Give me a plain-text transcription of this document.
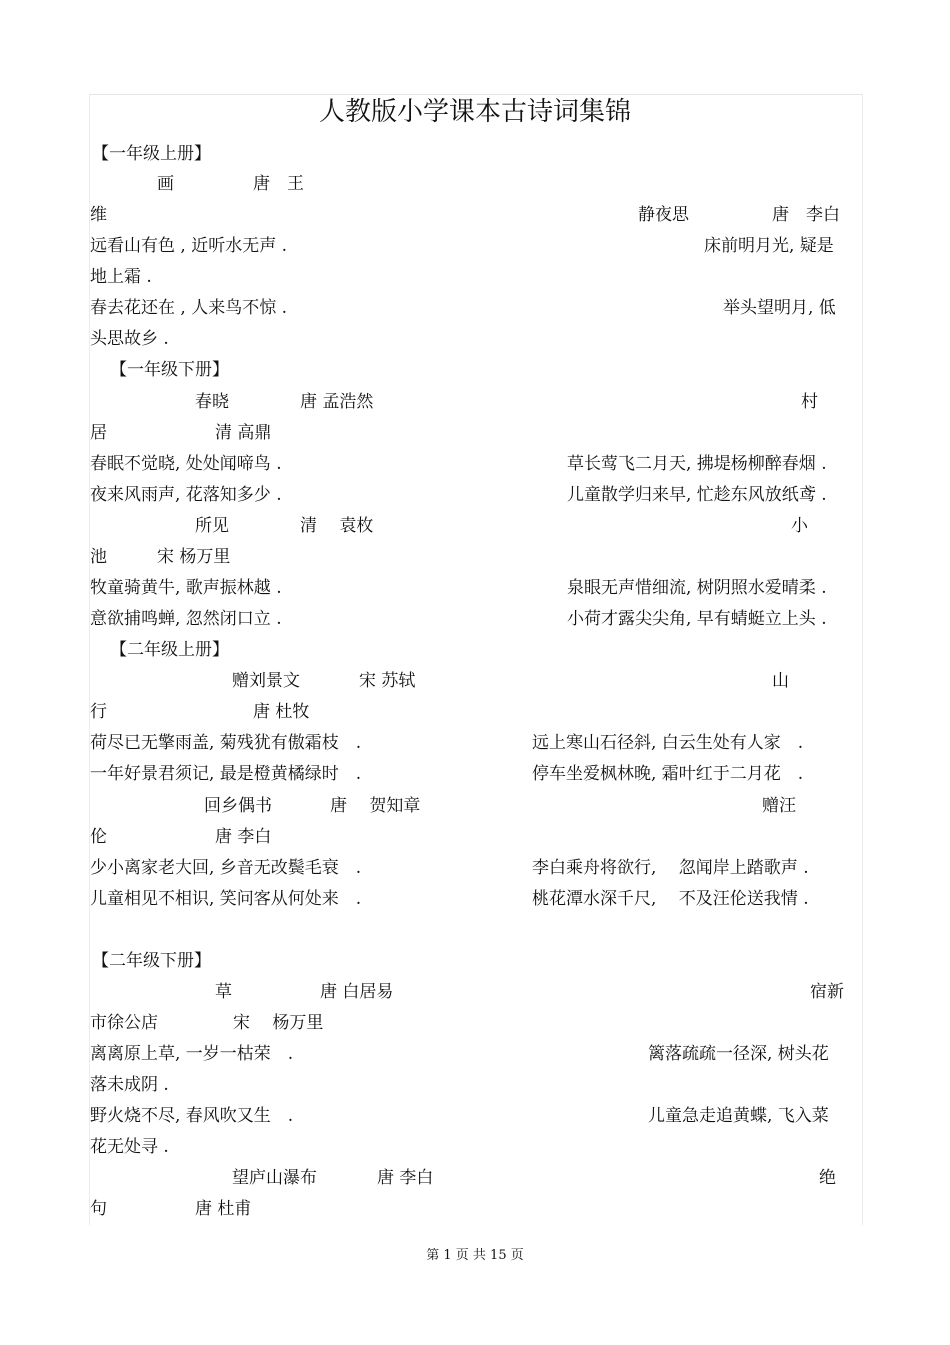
人教版小学课本古诗词集锦
【一年级上册】
画	唐　王
维	静夜思	唐　李白
远看山有色 , 近听水无声 .	床前明月光, 疑是
地上霜 .
春去花还在 , 人来鸟不惊 .	举头望明月, 低
头思故乡 .
【一年级下册】
春晓	唐 孟浩然	村
居	清 高鼎
春眠不觉晓, 处处闻啼鸟 .	草长莺飞二月天, 拂堤杨柳醉春烟 .
夜来风雨声, 花落知多少 .	儿童散学归来早, 忙趁东风放纸鸢 .
所见	清　 袁枚	小
池	宋 杨万里
牧童骑黄牛, 歌声振林越 .	泉眼无声惜细流, 树阴照水爱晴柔 .
意欲捕鸣蝉, 忽然闭口立 .	小荷才露尖尖角, 早有蜻蜓立上头 .
【二年级上册】
赠刘景文	宋 苏轼	山
行	唐 杜牧
荷尽已无擎雨盖, 菊残犹有傲霜枝　.	远上寒山石径斜, 白云生处有人家　.
一年好景君须记, 最是橙黄橘绿时　.	停车坐爱枫林晚, 霜叶红于二月花　.
回乡偶书	唐　 贺知章	赠汪
伦	唐 李白
少小离家老大回, 乡音无改鬓毛衰　.	李白乘舟将欲行,　 忽闻岸上踏歌声 .
儿童相见不相识, 笑问客从何处来　.	桃花潭水深千尺,　 不及汪伦送我情 .
【二年级下册】
草	唐 白居易	宿新
市徐公店	宋　 杨万里
离离原上草, 一岁一枯荣　.	篱落疏疏一径深, 树头花
落未成阴 .
野火烧不尽, 春风吹又生　.	儿童急走追黄蝶, 飞入菜
花无处寻 .
望庐山瀑布	唐 李白	绝
句	唐 杜甫
第 1 页 共 15 页
